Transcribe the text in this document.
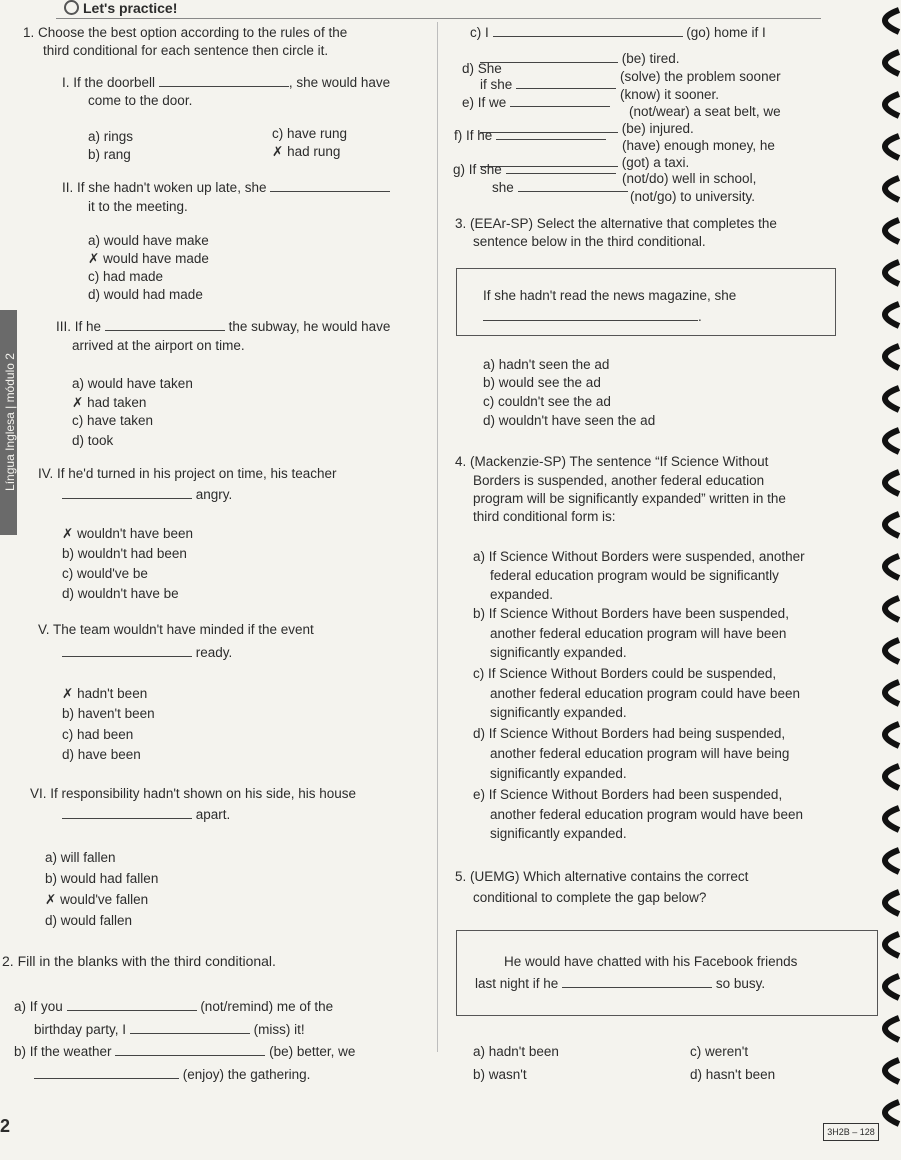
Let's practice!
Língua Inglesa | módulo 2
1. Choose the best option according to the rules of the
third conditional for each sentence then circle it.
I. If the doorbell	, she would have
come to the door.
a) rings
b) rang
c) have rung
✗ had rung
II. If she hadn't woken up late, she
it to the meeting.
a) would have make
✗ would have made
c) had made
d) would had made
III. If he	the subway, he would have
arrived at the airport on time.
a) would have taken
✗ had taken
c) have taken
d) took
IV. If he'd turned in his project on time, his teacher
angry.
✗ wouldn't have been
b) wouldn't had been
c) would've be
d) wouldn't have be
V. The team wouldn't have minded if the event
ready.
✗ hadn't been
b) haven't been
c) had been
d) have been
VI. If responsibility hadn't shown on his side, his house
apart.
a) will fallen
b) would had fallen
✗ would've fallen
d) would fallen
2. Fill in the blanks with the third conditional.
a) If you	(not/remind) me of the
birthday party, I	(miss) it!
b) If the weather	(be) better, we
(enjoy) the gathering.
c) I	(go) home if I
(be) tired.
d) She
(solve) the problem sooner
if she
(know) it sooner.
e) If we
(not/wear) a seat belt, we
(be) injured.
f) If he
(have) enough money, he
(got) a taxi.
g) If she
(not/do) well in school,
she
(not/go) to university.
3. (EEAr-SP) Select the alternative that completes the
sentence below in the third conditional.
If she hadn't read the news magazine, she
.
a) hadn't seen the ad
b) would see the ad
c) couldn't see the ad
d) wouldn't have seen the ad
4. (Mackenzie-SP) The sentence “If Science Without
Borders is suspended, another federal education
program will be significantly expanded” written in the
third conditional form is:
a) If Science Without Borders were suspended, another
federal education program would be significantly
expanded.
b) If Science Without Borders have been suspended,
another federal education program will have been
significantly expanded.
c) If Science Without Borders could be suspended,
another federal education program could have been
significantly expanded.
d) If Science Without Borders had being suspended,
another federal education program will have being
significantly expanded.
e) If Science Without Borders had been suspended,
another federal education program would have been
significantly expanded.
5. (UEMG) Which alternative contains the correct
conditional to complete the gap below?
He would have chatted with his Facebook friends
last night if he	so busy.
a) hadn't been
b) wasn't
c) weren't
d) hasn't been
2	3H2B – 128
